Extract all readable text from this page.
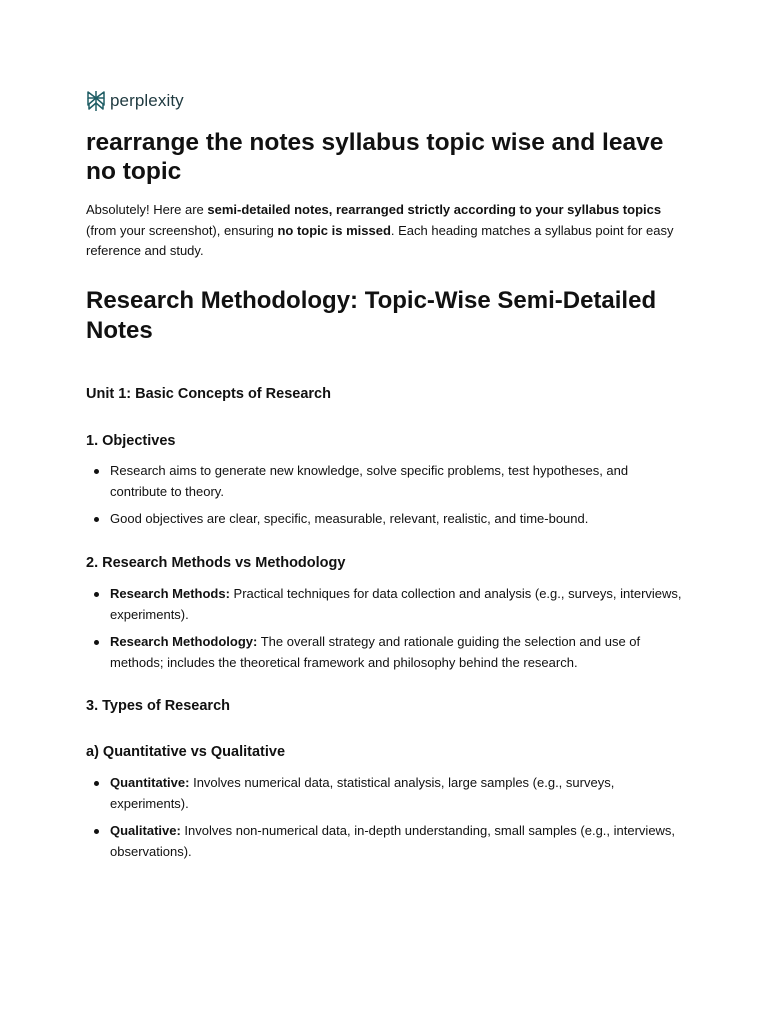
perplexity
rearrange the notes syllabus topic wise and leave no topic
Absolutely! Here are semi-detailed notes, rearranged strictly according to your syllabus topics (from your screenshot), ensuring no topic is missed. Each heading matches a syllabus point for easy reference and study.
Research Methodology: Topic-Wise Semi-Detailed Notes
Unit 1: Basic Concepts of Research
1. Objectives
Research aims to generate new knowledge, solve specific problems, test hypotheses, and contribute to theory.
Good objectives are clear, specific, measurable, relevant, realistic, and time-bound.
2. Research Methods vs Methodology
Research Methods: Practical techniques for data collection and analysis (e.g., surveys, interviews, experiments).
Research Methodology: The overall strategy and rationale guiding the selection and use of methods; includes the theoretical framework and philosophy behind the research.
3. Types of Research
a) Quantitative vs Qualitative
Quantitative: Involves numerical data, statistical analysis, large samples (e.g., surveys, experiments).
Qualitative: Involves non-numerical data, in-depth understanding, small samples (e.g., interviews, observations).
